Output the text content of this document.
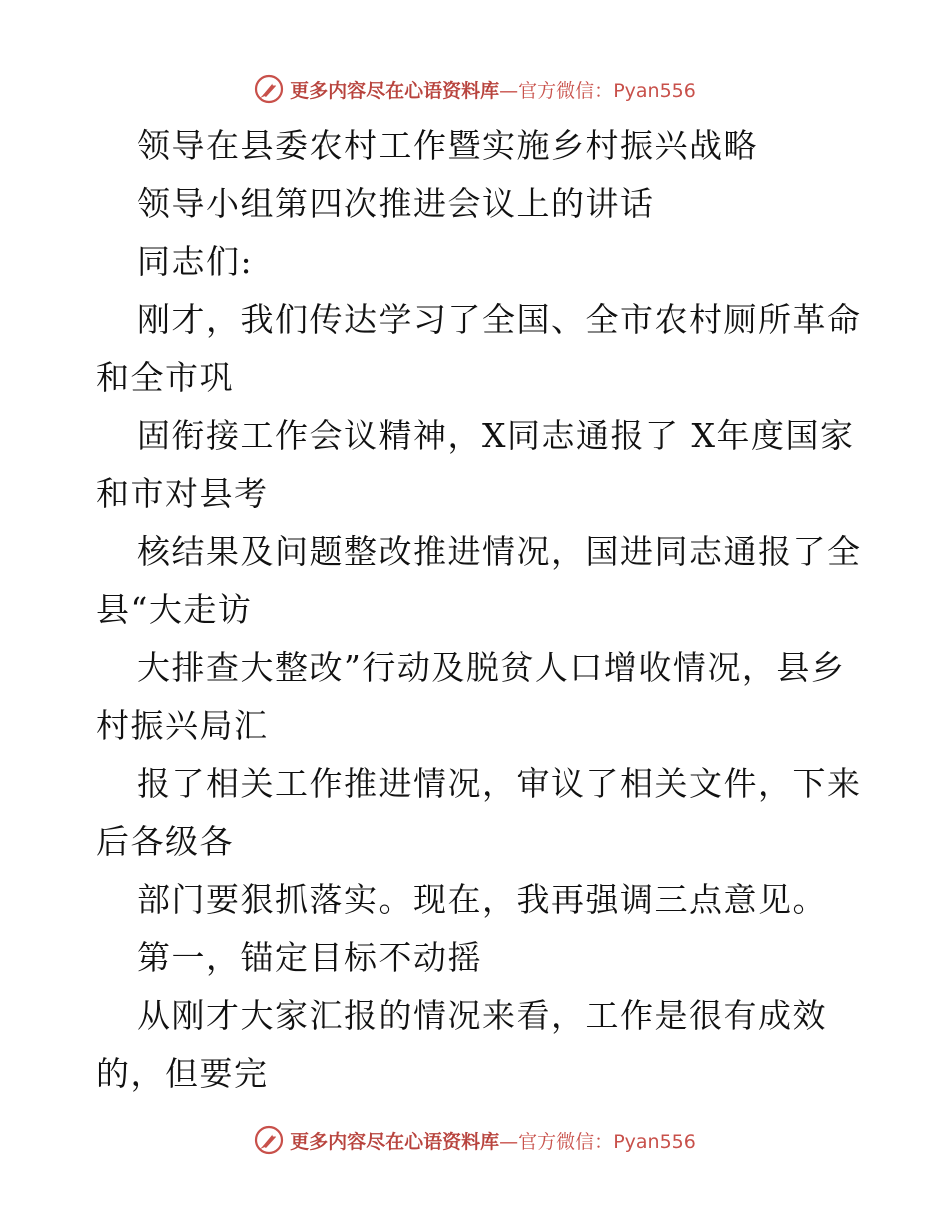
更多内容尽在心语资料库—官方微信：Pyan556
领导在县委农村工作暨实施乡村振兴战略
领导小组第四次推进会议上的讲话
同志们:
刚才，我们传达学习了全国、全市农村厕所革命
和全市巩
固衔接工作会议精神，X同志通报了 X年度国家
和市对县考
核结果及问题整改推进情况，国进同志通报了全
县“大走访
大排查大整改”行动及脱贫人口增收情况，县乡
村振兴局汇
报了相关工作推进情况，审议了相关文件，下来
后各级各
部门要狠抓落实。现在，我再强调三点意见。
第一，锚定目标不动摇
从刚才大家汇报的情况来看，工作是很有成效
的，但要完
更多内容尽在心语资料库—官方微信：Pyan556
